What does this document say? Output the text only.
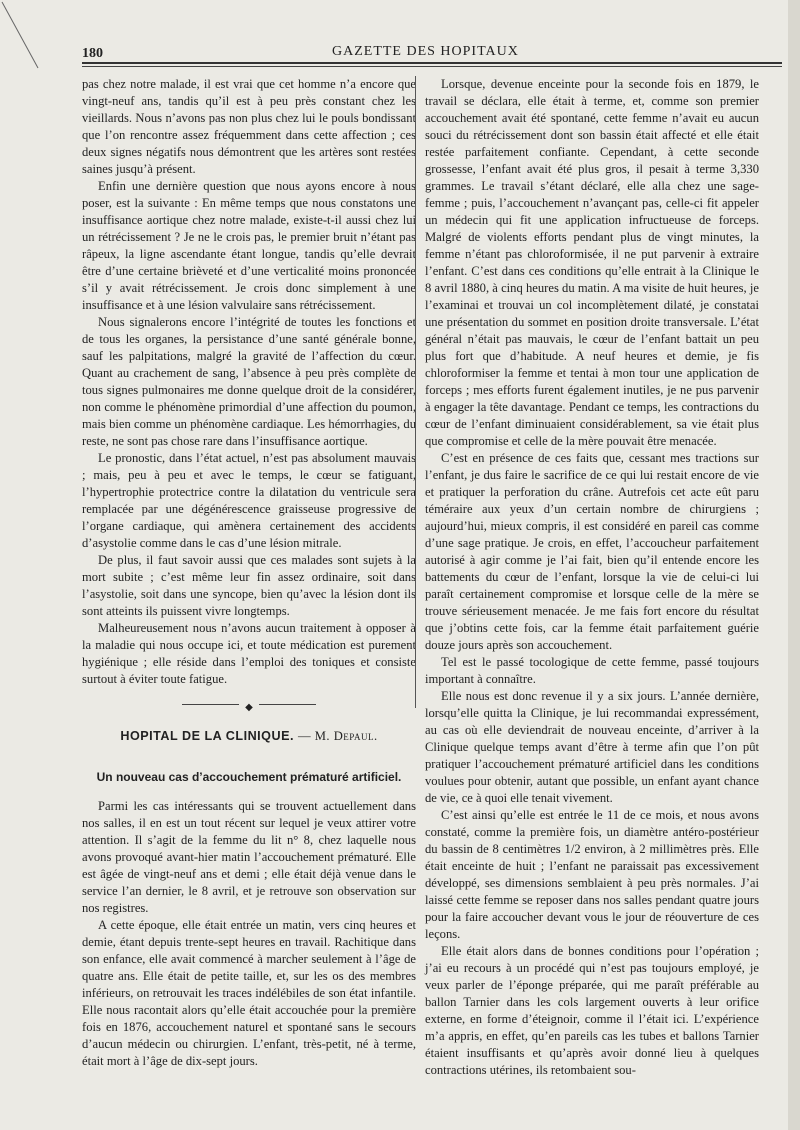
180	GAZETTE DES HOPITAUX

pas chez notre malade, il est vrai que cet homme n’a encore que vingt-neuf ans, tandis qu’il est à peu près constant chez les vieillards. Nous n’avons pas non plus chez lui le pouls bondissant que l’on rencontre assez fréquemment dans cette affection ; ces deux signes négatifs nous démontrent que les artères sont restées saines jusqu’à présent.

Enfin une dernière question que nous ayons encore à nous poser, est la suivante : En même temps que nous constatons une insuffisance aortique chez notre malade, existe-t-il aussi chez lui un rétrécissement ? Je ne le crois pas, le premier bruit n’étant pas râpeux, la ligne ascendante étant longue, tandis qu’elle devrait être d’une certaine brièveté et d’une verticalité moins prononcée s’il y avait rétrécissement. Je crois donc simplement à une insuffisance et à une lésion valvulaire sans rétrécissement.

Nous signalerons encore l’intégrité de toutes les fonctions et de tous les organes, la persistance d’une santé générale bonne, sauf les palpitations, malgré la gravité de l’affection du cœur. Quant au crachement de sang, l’absence à peu près complète de tous signes pulmonaires me donne quelque droit de la considérer, non comme le phénomène primordial d’une affection du poumon, mais bien comme un phénomène cardiaque. Les hémorrhagies, du reste, ne sont pas chose rare dans l’insuffisance aortique.

Le pronostic, dans l’état actuel, n’est pas absolument mauvais ; mais, peu à peu et avec le temps, le cœur se fatiguant, l’hypertrophie protectrice contre la dilatation du ventricule sera remplacée par une dégénérescence graisseuse progressive de l’organe cardiaque, qui amènera certainement des accidents d’asystolie comme dans le cas d’une lésion mitrale.

De plus, il faut savoir aussi que ces malades sont sujets à la mort subite ; c’est même leur fin assez ordinaire, soit dans l’asystolie, soit dans une syncope, bien qu’avec la lésion dont ils sont atteints ils puissent vivre longtemps.

Malheureusement nous n’avons aucun traitement à opposer à la maladie qui nous occupe ici, et toute médication est purement hygiénique ; elle réside dans l’emploi des toniques et consiste surtout à éviter toute fatigue.

◆
HOPITAL DE LA CLINIQUE. — M. Depaul.
Un nouveau cas d’accouchement prématuré artificiel.

Parmi les cas intéressants qui se trouvent actuellement dans nos salles, il en est un tout récent sur lequel je veux attirer votre attention. Il s’agit de la femme du lit n° 8, chez laquelle nous avons provoqué avant-hier matin l’accouchement prématuré. Elle est âgée de vingt-neuf ans et demi ; elle était déjà venue dans le service l’an dernier, le 8 avril, et je retrouve son observation sur nos registres.

A cette époque, elle était entrée un matin, vers cinq heures et demie, étant depuis trente-sept heures en travail. Rachitique dans son enfance, elle avait commencé à marcher seulement à l’âge de quatre ans. Elle était de petite taille, et, sur les os des membres inférieurs, on retrouvait les traces indélébiles de son état infantile. Elle nous racontait alors qu’elle était accouchée pour la première fois en 1876, accouchement naturel et spontané sans le secours d’aucun médecin ou chirurgien. L’enfant, très-petit, né à terme, était mort à l’âge de dix-sept jours.

Lorsque, devenue enceinte pour la seconde fois en 1879, le travail se déclara, elle était à terme, et, comme son premier accouchement avait été spontané, cette femme n’avait eu aucun souci du rétrécissement dont son bassin était affecté et elle était restée parfaitement confiante. Cependant, à cette seconde grossesse, l’enfant avait été plus gros, il pesait à terme 3,330 grammes. Le travail s’étant déclaré, elle alla chez une sage-femme ; puis, l’accouchement n’avançant pas, celle-ci fit appeler un médecin qui fit une application infructueuse de forceps. Malgré de violents efforts pendant plus de vingt minutes, la femme n’étant pas chloroformisée, il ne put parvenir à extraire l’enfant. C’est dans ces conditions qu’elle entrait à la Clinique le 8 avril 1880, à cinq heures du matin. A ma visite de huit heures, je l’examinai et trouvai un col incomplètement dilaté, je constatai une présentation du sommet en position droite transversale. L’état général n’était pas mauvais, le cœur de l’enfant battait un peu plus fort que d’habitude. A neuf heures et demie, je fis chloroformiser la femme et tentai à mon tour une application de forceps ; mes efforts furent également inutiles, je ne pus parvenir à engager la tête davantage. Pendant ce temps, les contractions du cœur de l’enfant diminuaient considérablement, sa vie était plus que compromise et celle de la mère pouvait être menacée.

C’est en présence de ces faits que, cessant mes tractions sur l’enfant, je dus faire le sacrifice de ce qui lui restait encore de vie et pratiquer la perforation du crâne. Autrefois cet acte eût paru téméraire aux yeux d’un certain nombre de chirurgiens ; aujourd’hui, mieux compris, il est considéré en pareil cas comme d’une sage pratique. Je crois, en effet, l’accoucheur parfaitement autorisé à agir comme je l’ai fait, bien qu’il entende encore les battements du cœur de l’enfant, lorsque la vie de celui-ci lui paraît certainement compromise et lorsque celle de la mère se trouve sérieusement menacée. Je me fais fort encore du résultat que j’obtins cette fois, car la femme était parfaitement guérie douze jours après son accouchement.

Tel est le passé tocologique de cette femme, passé toujours important à connaître.

Elle nous est donc revenue il y a six jours. L’année dernière, lorsqu’elle quitta la Clinique, je lui recommandai expressément, au cas où elle deviendrait de nouveau enceinte, d’arriver à la Clinique quelque temps avant d’être à terme afin que l’on pût pratiquer l’accouchement prématuré artificiel dans les conditions voulues pour obtenir, autant que possible, un enfant ayant chance de vie, ce à quoi elle tenait vivement.

C’est ainsi qu’elle est entrée le 11 de ce mois, et nous avons constaté, comme la première fois, un diamètre antéro-postérieur du bassin de 8 centimètres 1/2 environ, à 2 millimètres près. Elle était enceinte de huit ; l’enfant ne paraissait pas excessivement développé, ses dimensions semblaient à peu près normales. J’ai laissé cette femme se reposer dans nos salles pendant quatre jours pour la faire accoucher devant vous le jour de réouverture de ces leçons.

Elle était alors dans de bonnes conditions pour l’opération ; j’ai eu recours à un procédé qui n’est pas toujours employé, je veux parler de l’éponge préparée, qui me paraît préférable au ballon Tarnier dans les cols largement ouverts à leur orifice externe, en forme d’éteignoir, comme il l’était ici. L’expérience m’a appris, en effet, qu’en pareils cas les tubes et ballons Tarnier étaient insuffisants et qu’après avoir donné lieu à quelques contractions utérines, ils retombaient sou-
